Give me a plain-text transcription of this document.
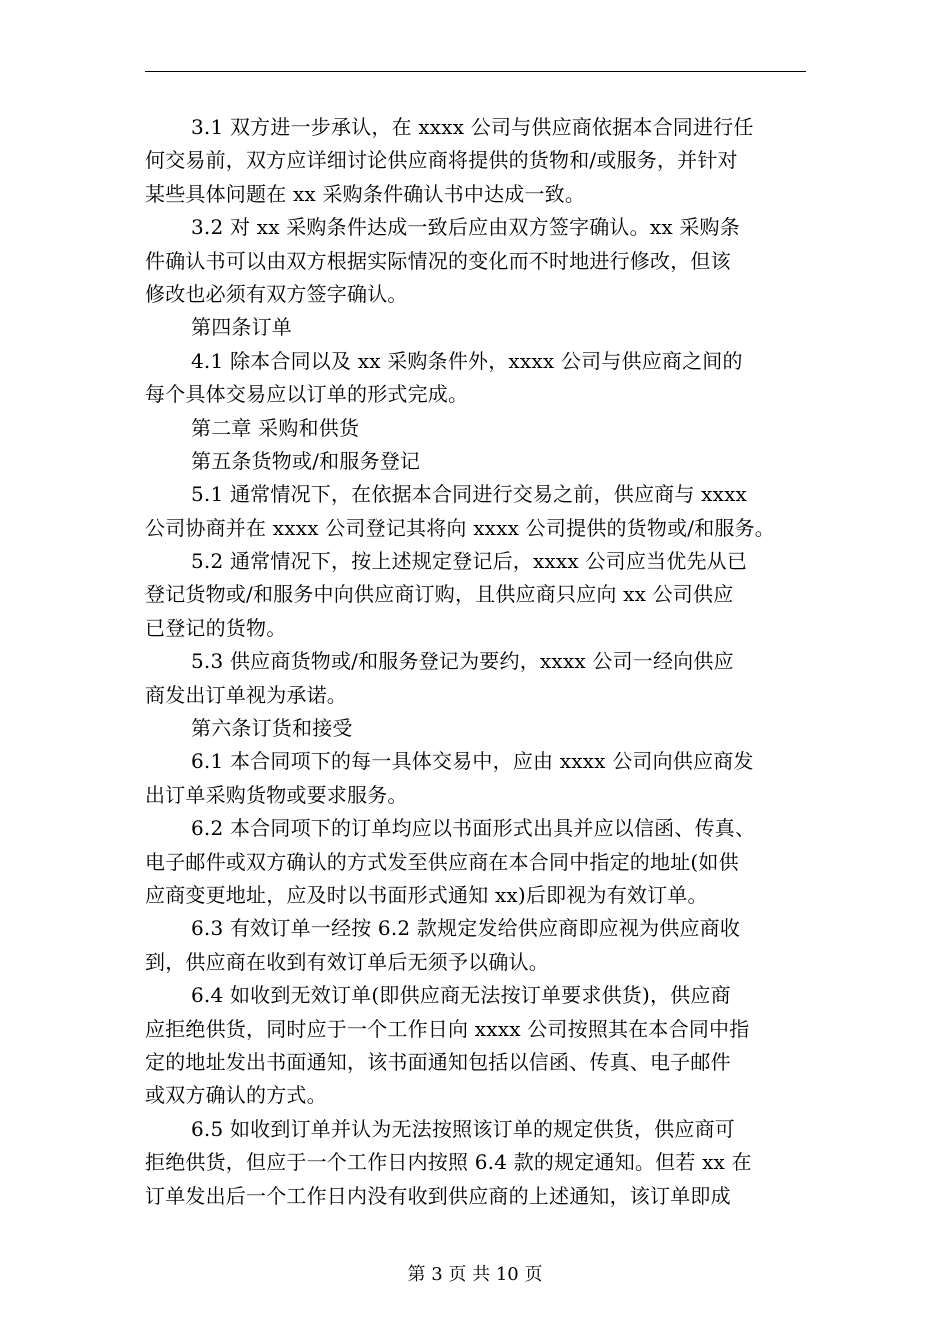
3.1 双方进一步承认，在 xxxx 公司与供应商依据本合同进行任
何交易前，双方应详细讨论供应商将提供的货物和/或服务，并针对
某些具体问题在 xx 采购条件确认书中达成一致。
3.2 对 xx 采购条件达成一致后应由双方签字确认。xx 采购条
件确认书可以由双方根据实际情况的变化而不时地进行修改，但该
修改也必须有双方签字确认。
第四条订单
4.1 除本合同以及 xx 采购条件外，xxxx 公司与供应商之间的
每个具体交易应以订单的形式完成。
第二章 采购和供货
第五条货物或/和服务登记
5.1 通常情况下，在依据本合同进行交易之前，供应商与 xxxx
公司协商并在 xxxx 公司登记其将向 xxxx 公司提供的货物或/和服务。
5.2 通常情况下，按上述规定登记后，xxxx 公司应当优先从已
登记货物或/和服务中向供应商订购，且供应商只应向 xx 公司供应
已登记的货物。
5.3 供应商货物或/和服务登记为要约，xxxx 公司一经向供应
商发出订单视为承诺。
第六条订货和接受
6.1 本合同项下的每一具体交易中，应由 xxxx 公司向供应商发
出订单采购货物或要求服务。
6.2 本合同项下的订单均应以书面形式出具并应以信函、传真、
电子邮件或双方确认的方式发至供应商在本合同中指定的地址(如供
应商变更地址，应及时以书面形式通知 xx)后即视为有效订单。
6.3 有效订单一经按 6.2 款规定发给供应商即应视为供应商收
到，供应商在收到有效订单后无须予以确认。
6.4 如收到无效订单(即供应商无法按订单要求供货)，供应商
应拒绝供货，同时应于一个工作日向 xxxx 公司按照其在本合同中指
定的地址发出书面通知，该书面通知包括以信函、传真、电子邮件
或双方确认的方式。
6.5 如收到订单并认为无法按照该订单的规定供货，供应商可
拒绝供货，但应于一个工作日内按照 6.4 款的规定通知。但若 xx 在
订单发出后一个工作日内没有收到供应商的上述通知，该订单即成
第 3 页 共 10 页
